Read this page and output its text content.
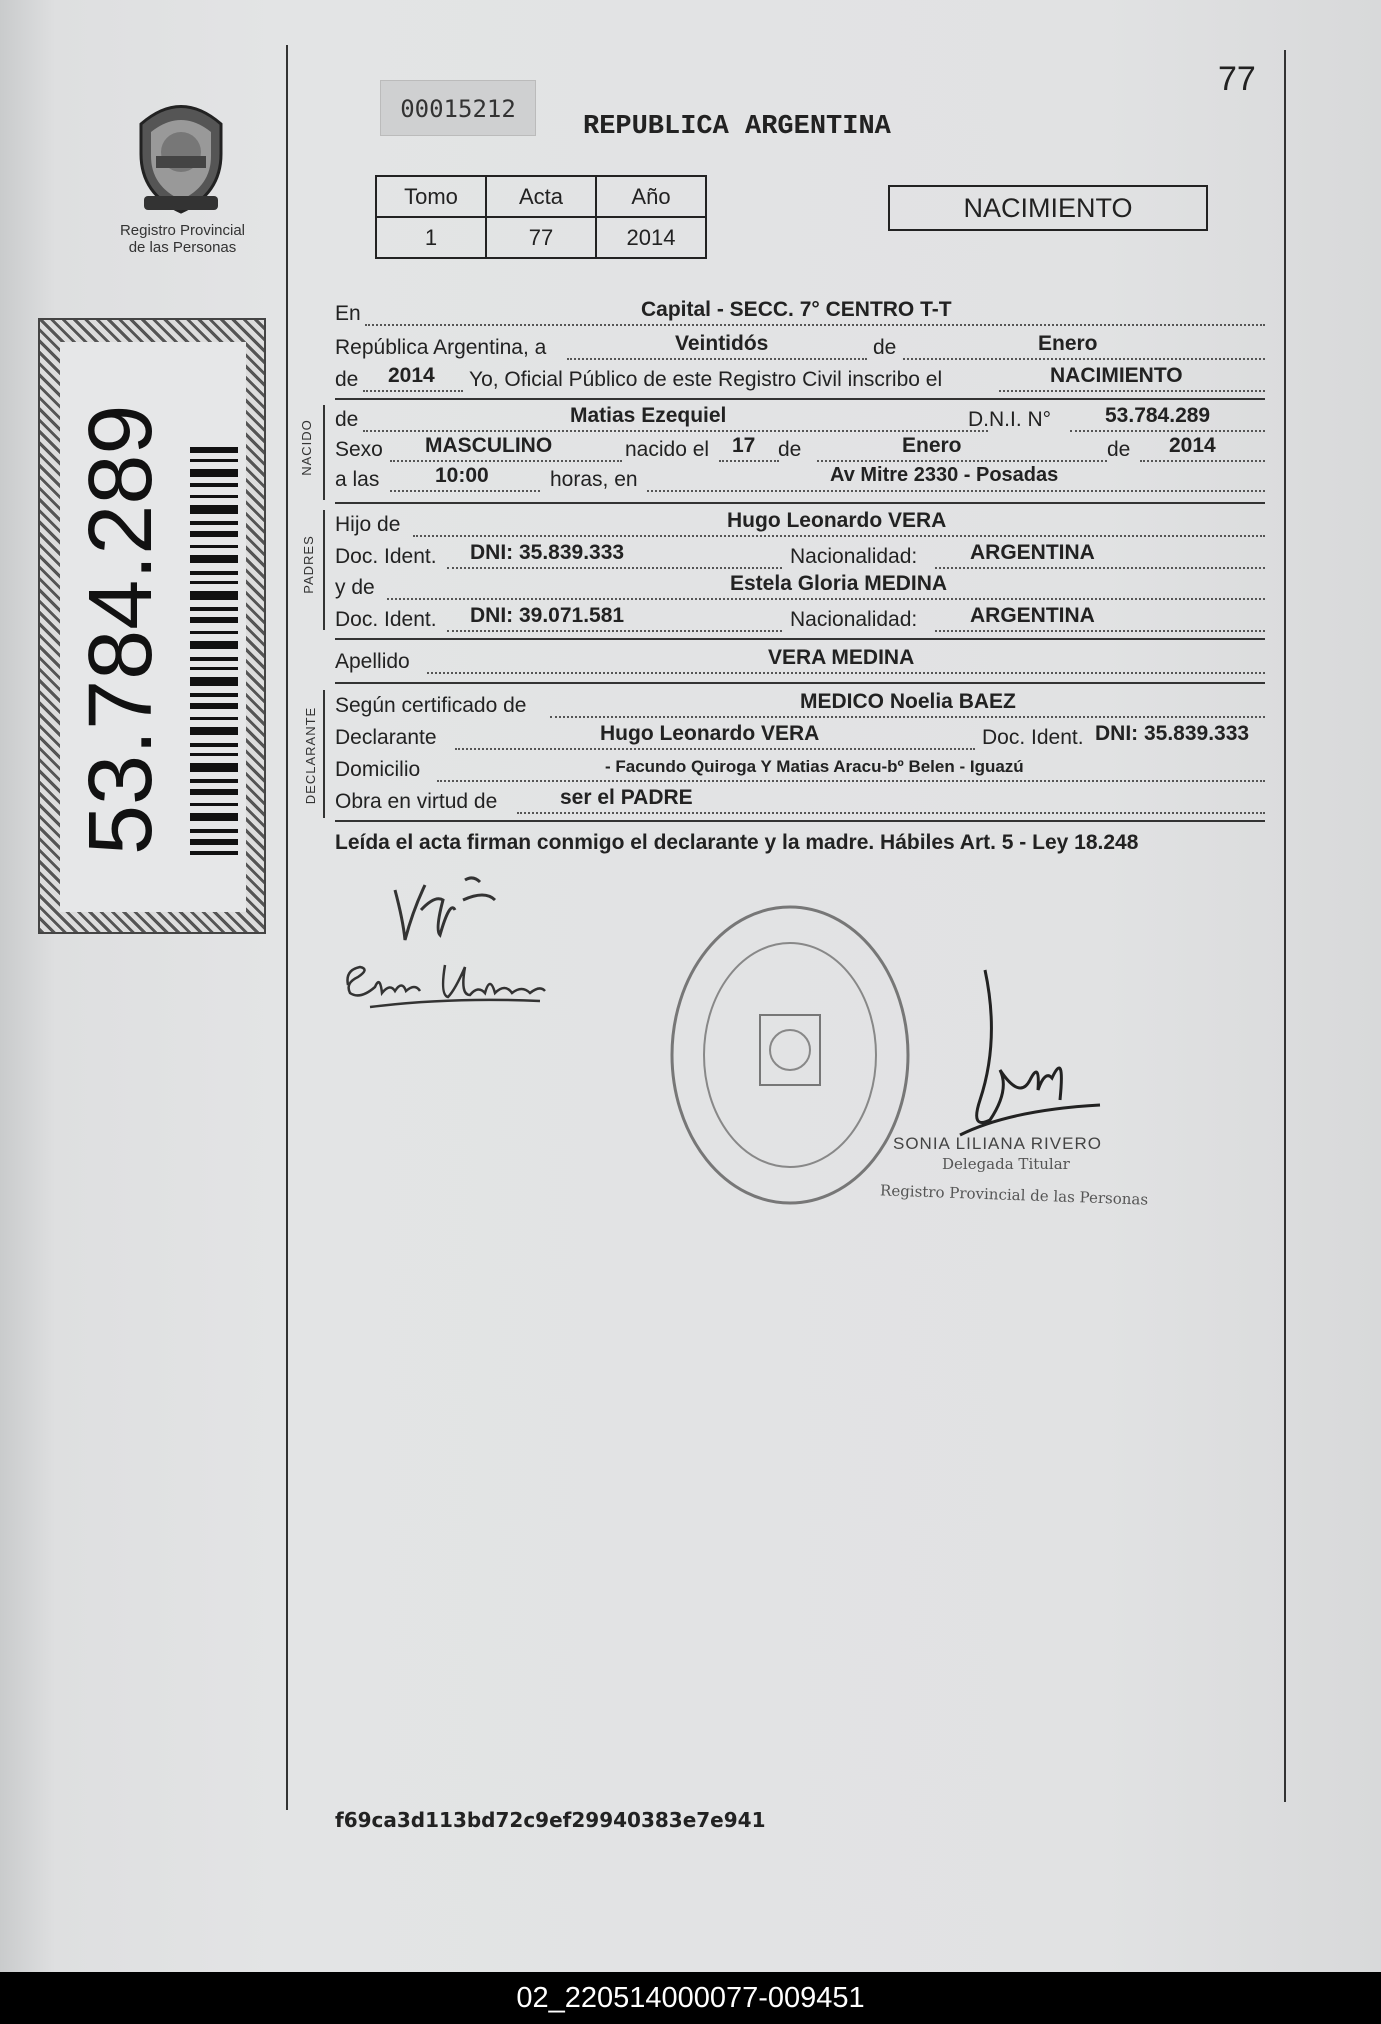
Registro Provincial
de las Personas
53.784.289
77
00015212
REPUBLICA ARGENTINA
Tomo	Acta	Año
1	77	2014
NACIMIENTO
En	Capital - SECC. 7° CENTRO T-T
República Argentina, a	Veintidós	de	Enero
de 2014 Yo, Oficial Público de este Registro Civil inscribo el	NACIMIENTO
NACIDO de	Matias Ezequiel	D.N.I. N°	53.784.289
Sexo MASCULINO	nacido el 17 de	Enero	de 2014
a las	10:00	horas, en	Av Mitre 2330 - Posadas
PADRES
Hijo de	Hugo Leonardo VERA
Doc. Ident. DNI: 35.839.333	Nacionalidad:	ARGENTINA
y de	Estela Gloria MEDINA
Doc. Ident. DNI: 39.071.581	Nacionalidad:	ARGENTINA
Apellido	VERA MEDINA
DECLARANTE
Según certificado de	MEDICO Noelia BAEZ
Declarante	Hugo Leonardo VERA	Doc. Ident. DNI: 35.839.333
Domicilio	- Facundo Quiroga Y Matias Aracu-bº Belen - Iguazú
Obra en virtud de	ser el PADRE
Leída el acta firman conmigo el declarante y la madre. Hábiles Art. 5 - Ley 18.248
SONIA LILIANA RIVERO
Delegada Titular
Registro Provincial de las Personas
f69ca3d113bd72c9ef29940383e7e941
02_220514000077-009451
